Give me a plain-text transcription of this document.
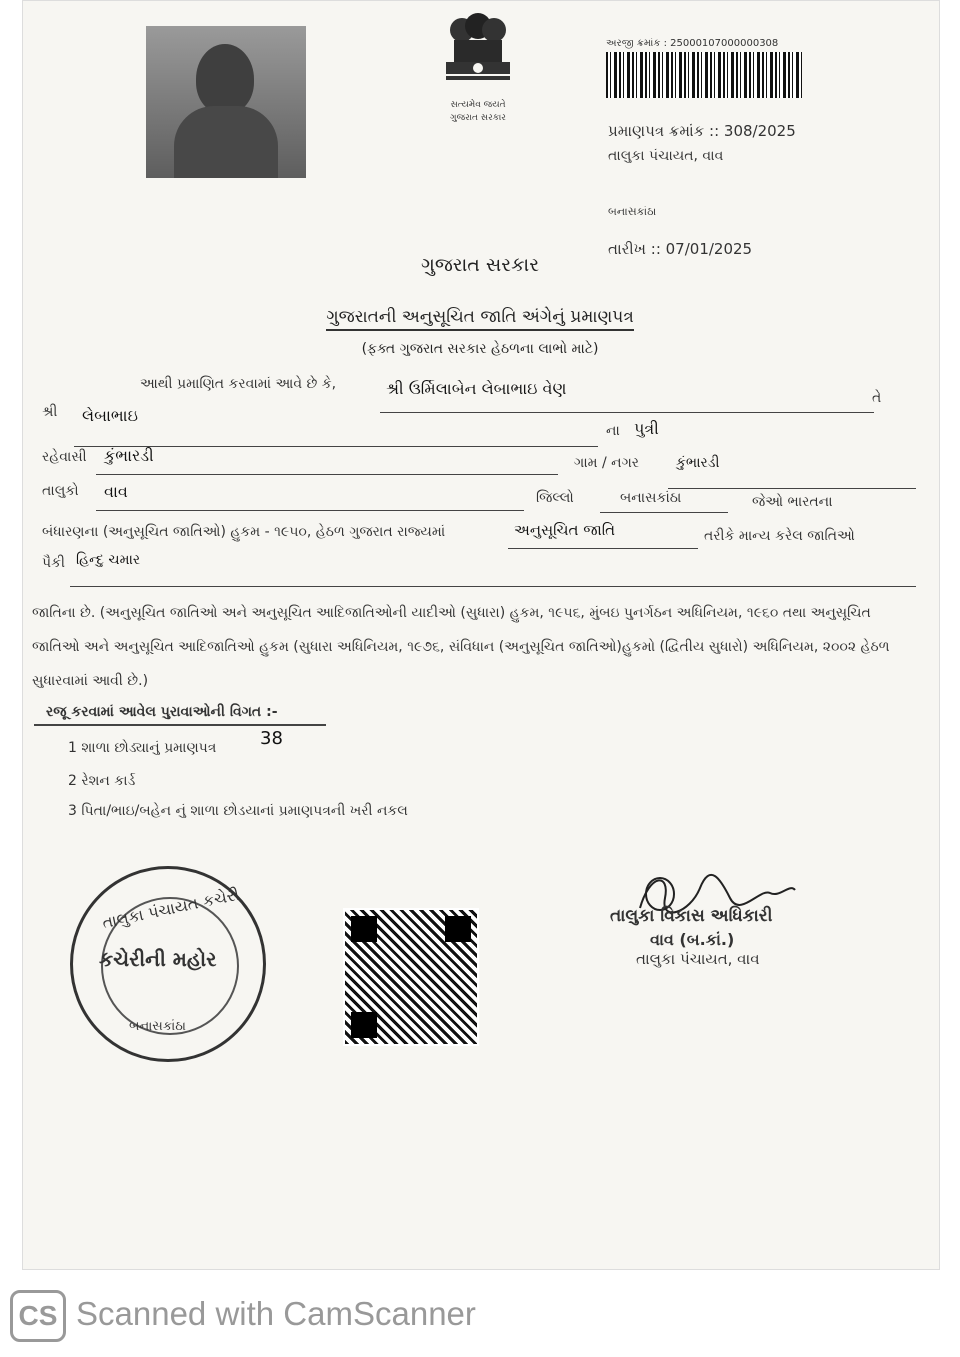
સત્યમેવ જયતે
ગુજરાત સરકાર
અરજી ક્રમાંક : 25000107000000308
પ્રમાણપત્ર ક્રમાંક :: 308/2025
તાલુકા પંચાયત, વાવ
બનાસકાંઠા
તારીખ :: 07/01/2025
ગુજરાત સરકાર
ગુજરાતની અનુસૂચિત જાતિ અંગેનું પ્રમાણપત્ર
(ફક્ત ગુજરાત સરકાર હેઠળના લાભો માટે)
આથી પ્રમાણિત કરવામાં આવે છે કે,	શ્રી ઉર્મિલાબેન લેબાભાઇ વેણ	તે
શ્રી લેબાભાઇ
ના પુત્રી
રહેવાસી કુંભારડી	ગામ / નગર	કુંભારડી
તાલુકો વાવ	જિલ્લો	બનાસકાંઠા	જેઓ ભારતના
બંધારણના (અનુસૂચિત જાતિઓ) હુકમ - ૧૯૫૦, હેઠળ ગુજરાત રાજ્યમાં	અનુસૂચિત જાતિ	તરીકે માન્ય કરેલ જાતિઓ
પૈકી હિન્દુ ચમાર
જાતિના છે. (અનુસૂચિત જાતિઓ અને અનુસૂચિત આદિજાતિઓની યાદીઓ (સુધારા) હુકમ, ૧૯૫૬, મુંબઇ પુનર્ગઠન અધિનિયમ, ૧૯૬૦ તથા અનુસૂચિત જાતિઓ અને અનુસૂચિત આદિજાતિઓ હુકમ (સુધારા અધિનિયમ, ૧૯૭૬, સંવિધાન (અનુસૂચિત જાતિઓ)હુકમો (દ્વિતીય સુધારો) અધિનિયમ, ૨૦૦૨ હેઠળ સુધારવામાં આવી છે.)
રજૂ કરવામાં આવેલ પુરાવાઓની વિગત :-
38
1 શાળા છોડ્યાનું પ્રમાણપત્ર
2 રેશન કાર્ડ
3 પિતા/ભાઇ/બહેન નું શાળા છોડયાનાં પ્રમાણપત્રની ખરી નકલ
તાલુકા પંચાયત કચેરી
કચેરીની મહોર
બનાસકાંઠા
તાલુકા વિકાસ અધિકારી
વાવ (બ.કાં.)
તાલુકા પંચાયત, વાવ
CS Scanned with CamScanner
